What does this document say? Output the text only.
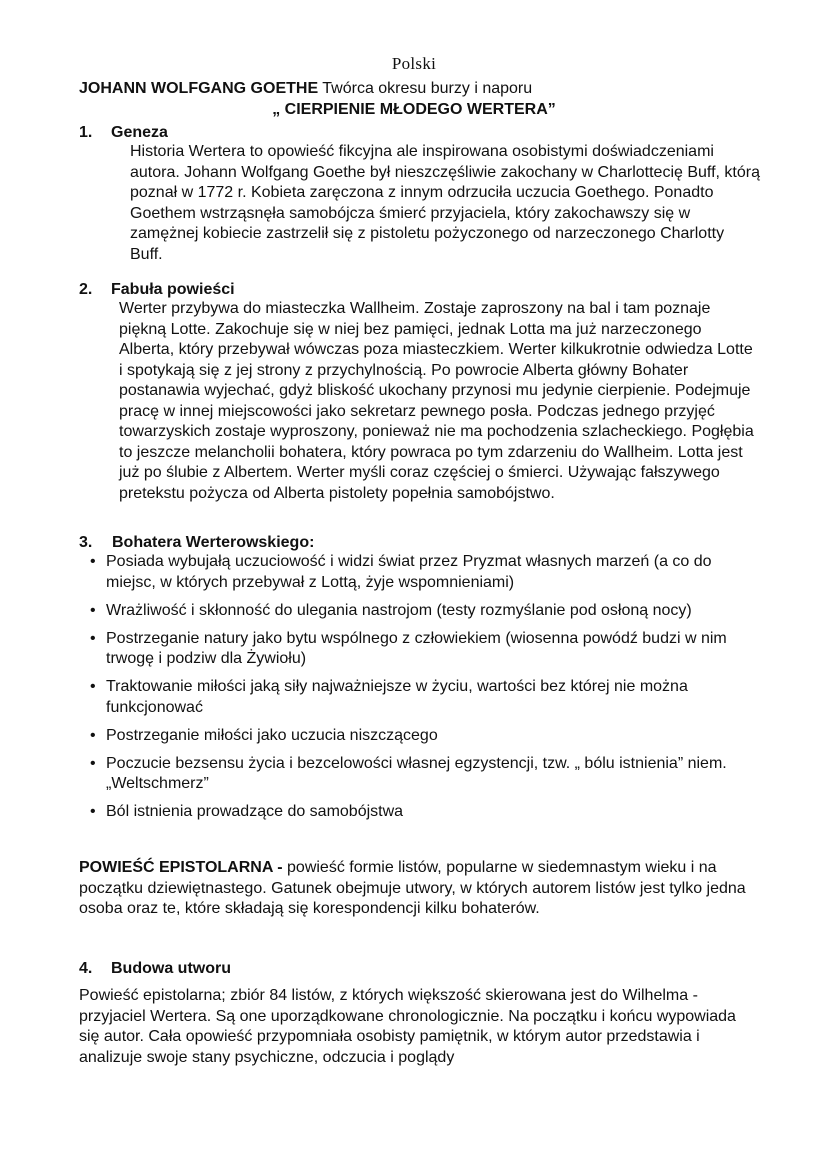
Polski
JOHANN WOLFGANG GOETHE Twórca okresu burzy i naporu
„ CIERPIENIE MŁODEGO WERTERA”
1. Geneza

Historia Wertera to opowieść fikcyjna ale inspirowana osobistymi doświadczeniami autora. Johann Wolfgang Goethe był nieszczęśliwie zakochany w Charlottecię Buff, którą poznał w 1772 r. Kobieta zaręczona z innym odrzuciła uczucia Goethego. Ponadto Goethem wstrząsnęła samobójcza śmierć przyjaciela, który zakochawszy się w zamężnej kobiecie zastrzelił się z pistoletu pożyczonego od narzeczonego Charlotty Buff.

2. Fabuła powieści

Werter przybywa do miasteczka Wallheim. Zostaje zaproszony na bal i tam poznaje piękną Lotte. Zakochuje się w niej bez pamięci, jednak Lotta ma już narzeczonego Alberta, który przebywał wówczas poza miasteczkiem. Werter kilkukrotnie odwiedza Lotte i spotykają się z jej strony z przychylnością. Po powrocie Alberta główny Bohater postanawia wyjechać, gdyż bliskość ukochany przynosi mu jedynie cierpienie. Podejmuje pracę w innej miejscowości jako sekretarz pewnego posła. Podczas jednego przyjęć towarzyskich zostaje wyproszony, ponieważ nie ma pochodzenia szlacheckiego. Pogłębia to jeszcze melancholii bohatera, który powraca po tym zdarzeniu do Wallheim. Lotta jest już po ślubie z Albertem. Werter myśli coraz częściej o śmierci. Używając fałszywego pretekstu pożycza od Alberta pistolety popełnia samobójstwo.

3. Bohatera Werterowskiego:
• Posiada wybujałą uczuciowość i widzi świat przez Pryzmat własnych marzeń (a co do miejsc, w których przebywał z Lottą, żyje wspomnieniami)
• Wrażliwość i skłonność do ulegania nastrojom (testy rozmyślanie pod osłoną nocy)
• Postrzeganie natury jako bytu wspólnego z człowiekiem (wiosenna powódź budzi w nim trwogę i podziw dla Żywiołu)
• Traktowanie miłości jaką siły najważniejsze w życiu, wartości bez której nie można funkcjonować
• Postrzeganie miłości jako uczucia niszczącego
• Poczucie bezsensu życia i bezcelowości własnej egzystencji, tzw. „ bólu istnienia” niem. „Weltschmerz”
• Ból istnienia prowadzące do samobójstwa

POWIEŚĆ EPISTOLARNA - powieść formie listów, popularne w siedemnastym wieku i na początku dziewiętnastego. Gatunek obejmuje utwory, w których autorem listów jest tylko jedna osoba oraz te, które składają się korespondencji kilku bohaterów.

4. Budowa utworu

Powieść epistolarna; zbiór 84 listów, z których większość skierowana jest do Wilhelma - przyjaciel Wertera. Są one uporządkowane chronologicznie. Na początku i końcu wypowiada się autor. Cała opowieść przypomniała osobisty pamiętnik, w którym autor przedstawia i analizuje swoje stany psychiczne, odczucia i poglądy
